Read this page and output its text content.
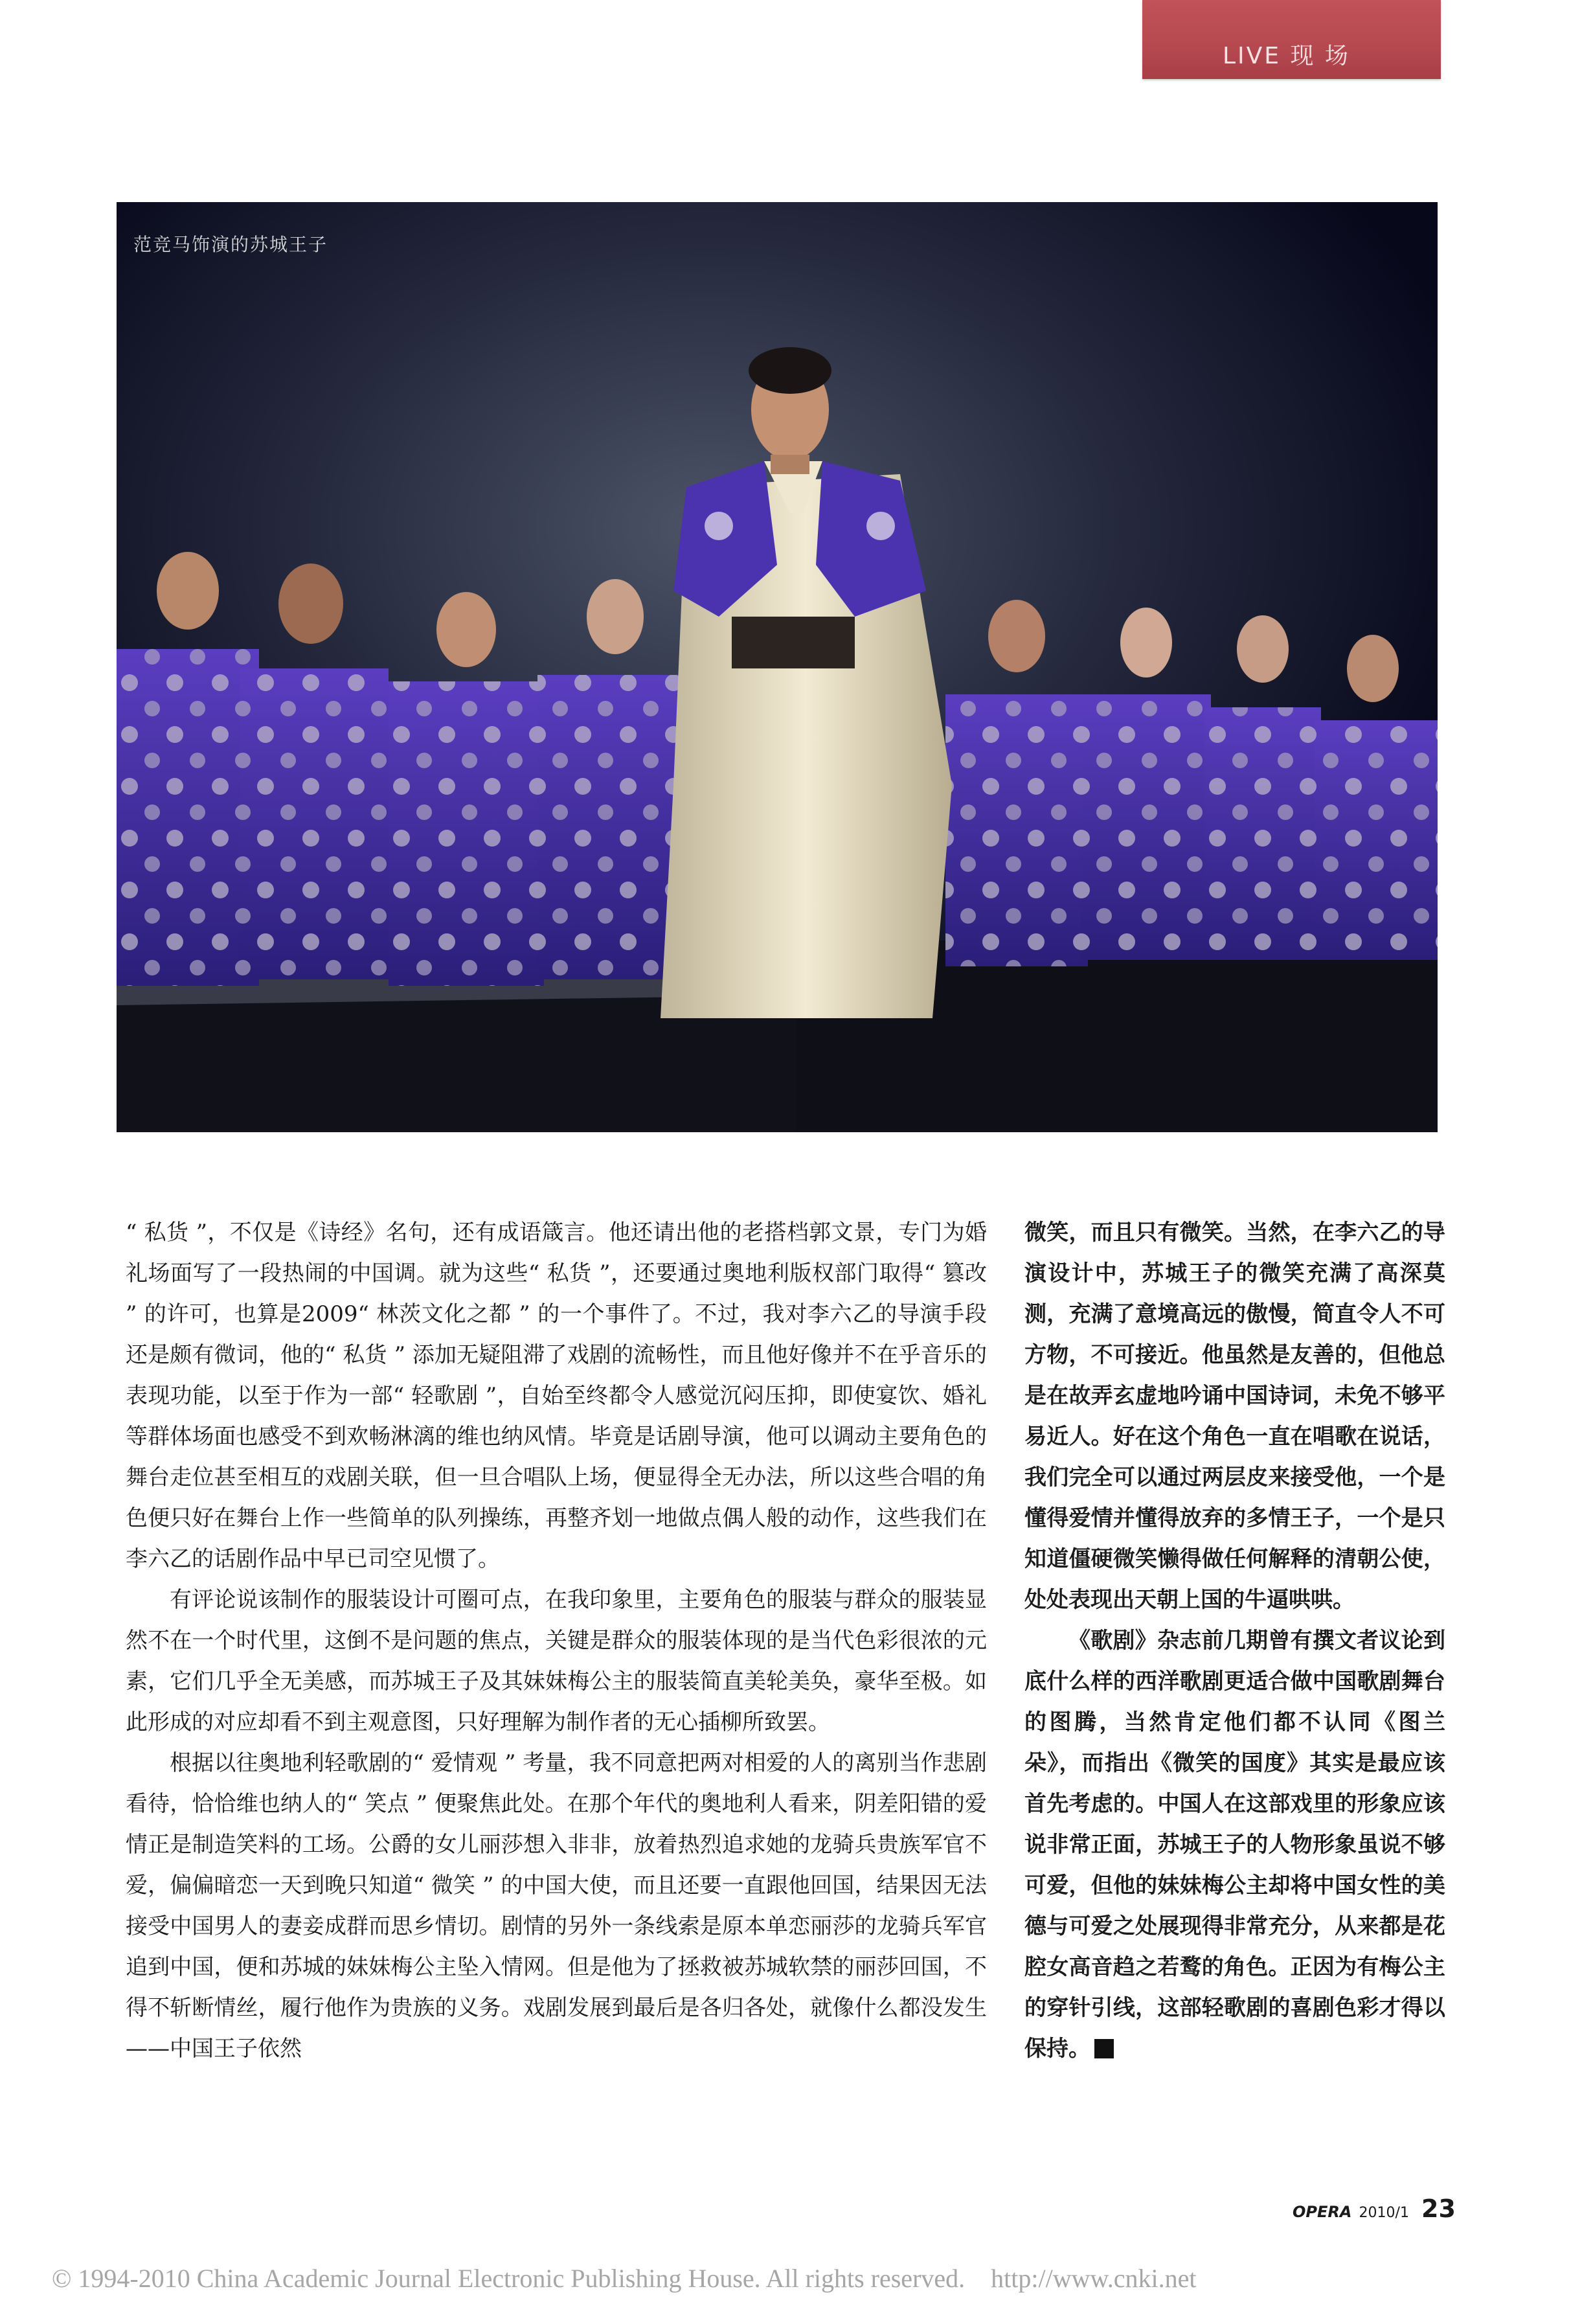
LIVE 现 场
范竞马饰演的苏城王子

“ 私货 ”，不仅是《诗经》名句，还有成语箴言。他还请出他的老搭档郭文景，专门为婚礼场面写了一段热闹的中国调。就为这些“ 私货 ”，还要通过奥地利版权部门取得“ 篡改 ” 的许可，也算是2009“ 林茨文化之都 ” 的一个事件了。不过，我对李六乙的导演手段还是颇有微词，他的“ 私货 ” 添加无疑阻滞了戏剧的流畅性，而且他好像并不在乎音乐的表现功能，以至于作为一部“ 轻歌剧 ”，自始至终都令人感觉沉闷压抑，即使宴饮、婚礼等群体场面也感受不到欢畅淋漓的维也纳风情。毕竟是话剧导演，他可以调动主要角色的舞台走位甚至相互的戏剧关联，但一旦合唱队上场，便显得全无办法，所以这些合唱的角色便只好在舞台上作一些简单的队列操练，再整齐划一地做点偶人般的动作，这些我们在李六乙的话剧作品中早已司空见惯了。

有评论说该制作的服装设计可圈可点，在我印象里，主要角色的服装与群众的服装显然不在一个时代里，这倒不是问题的焦点，关键是群众的服装体现的是当代色彩很浓的元素，它们几乎全无美感，而苏城王子及其妹妹梅公主的服装简直美轮美奂，豪华至极。如此形成的对应却看不到主观意图，只好理解为制作者的无心插柳所致罢。

根据以往奥地利轻歌剧的“ 爱情观 ” 考量，我不同意把两对相爱的人的离别当作悲剧看待，恰恰维也纳人的“ 笑点 ” 便聚焦此处。在那个年代的奥地利人看来，阴差阳错的爱情正是制造笑料的工场。公爵的女儿丽莎想入非非，放着热烈追求她的龙骑兵贵族军官不爱，偏偏暗恋一天到晚只知道“ 微笑 ” 的中国大使，而且还要一直跟他回国，结果因无法接受中国男人的妻妾成群而思乡情切。剧情的另外一条线索是原本单恋丽莎的龙骑兵军官追到中国，便和苏城的妹妹梅公主坠入情网。但是他为了拯救被苏城软禁的丽莎回国，不得不斩断情丝，履行他作为贵族的义务。戏剧发展到最后是各归各处，就像什么都没发生——中国王子依然

微笑，而且只有微笑。当然，在李六乙的导演设计中，苏城王子的微笑充满了高深莫测，充满了意境高远的傲慢，简直令人不可方物，不可接近。他虽然是友善的，但他总是在故弄玄虚地吟诵中国诗词，未免不够平易近人。好在这个角色一直在唱歌在说话，我们完全可以通过两层皮来接受他，一个是懂得爱情并懂得放弃的多情王子，一个是只知道僵硬微笑懒得做任何解释的清朝公使，处处表现出天朝上国的牛逼哄哄。

《歌剧》杂志前几期曾有撰文者议论到底什么样的西洋歌剧更适合做中国歌剧舞台的图腾，当然肯定他们都不认同《图兰朵》，而指出《微笑的国度》其实是最应该首先考虑的。中国人在这部戏里的形象应该说非常正面，苏城王子的人物形象虽说不够可爱，但他的妹妹梅公主却将中国女性的美德与可爱之处展现得非常充分，从来都是花腔女高音趋之若鹜的角色。正因为有梅公主的穿针引线，这部轻歌剧的喜剧色彩才得以保持。

OPERA 2010/1 23
© 1994-2010 China Academic Journal Electronic Publishing House. All rights reserved.    http://www.cnki.net
